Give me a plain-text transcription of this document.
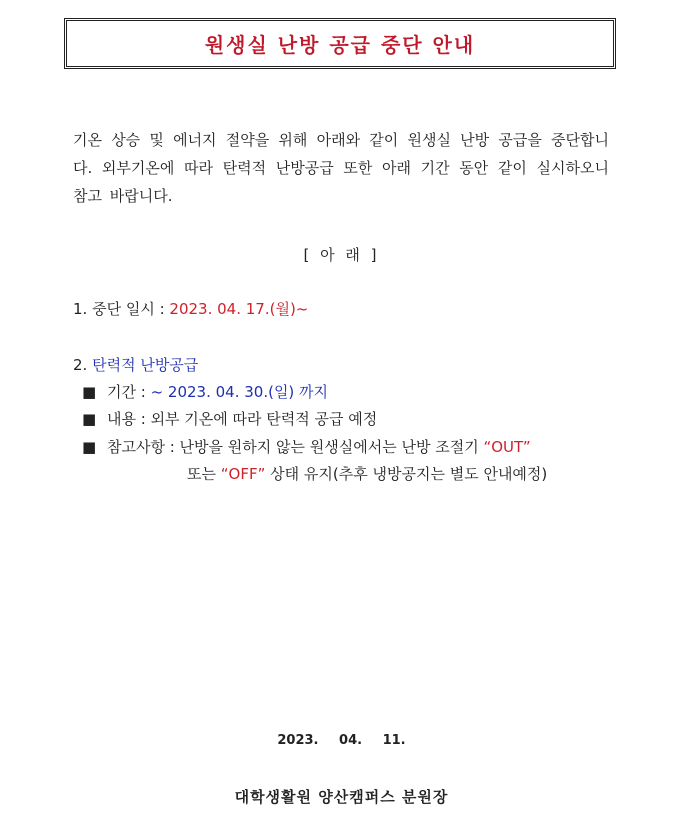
원생실 난방 공급 중단 안내

기온 상승 및 에너지 절약을 위해 아래와 같이 원생실 난방 공급을 중단합니다. 외부기온에 따라 탄력적 난방공급 또한 아래 기간 동안 같이 실시하오니 참고 바랍니다.

[ 아 래 ]
1. 중단 일시 : 2023. 04. 17.(월)~
2. 탄력적 난방공급
■ 기간 : ~ 2023. 04. 30.(일) 까지
■ 내용 : 외부 기온에 따라 탄력적 공급 예정
■ 참고사항 : 난방을 원하지 않는 원생실에서는 난방 조절기 “OUT”
또는 “OFF” 상태 유지(추후 냉방공지는 별도 안내예정)
2023. 04. 11.
대학생활원 양산캠퍼스 분원장
